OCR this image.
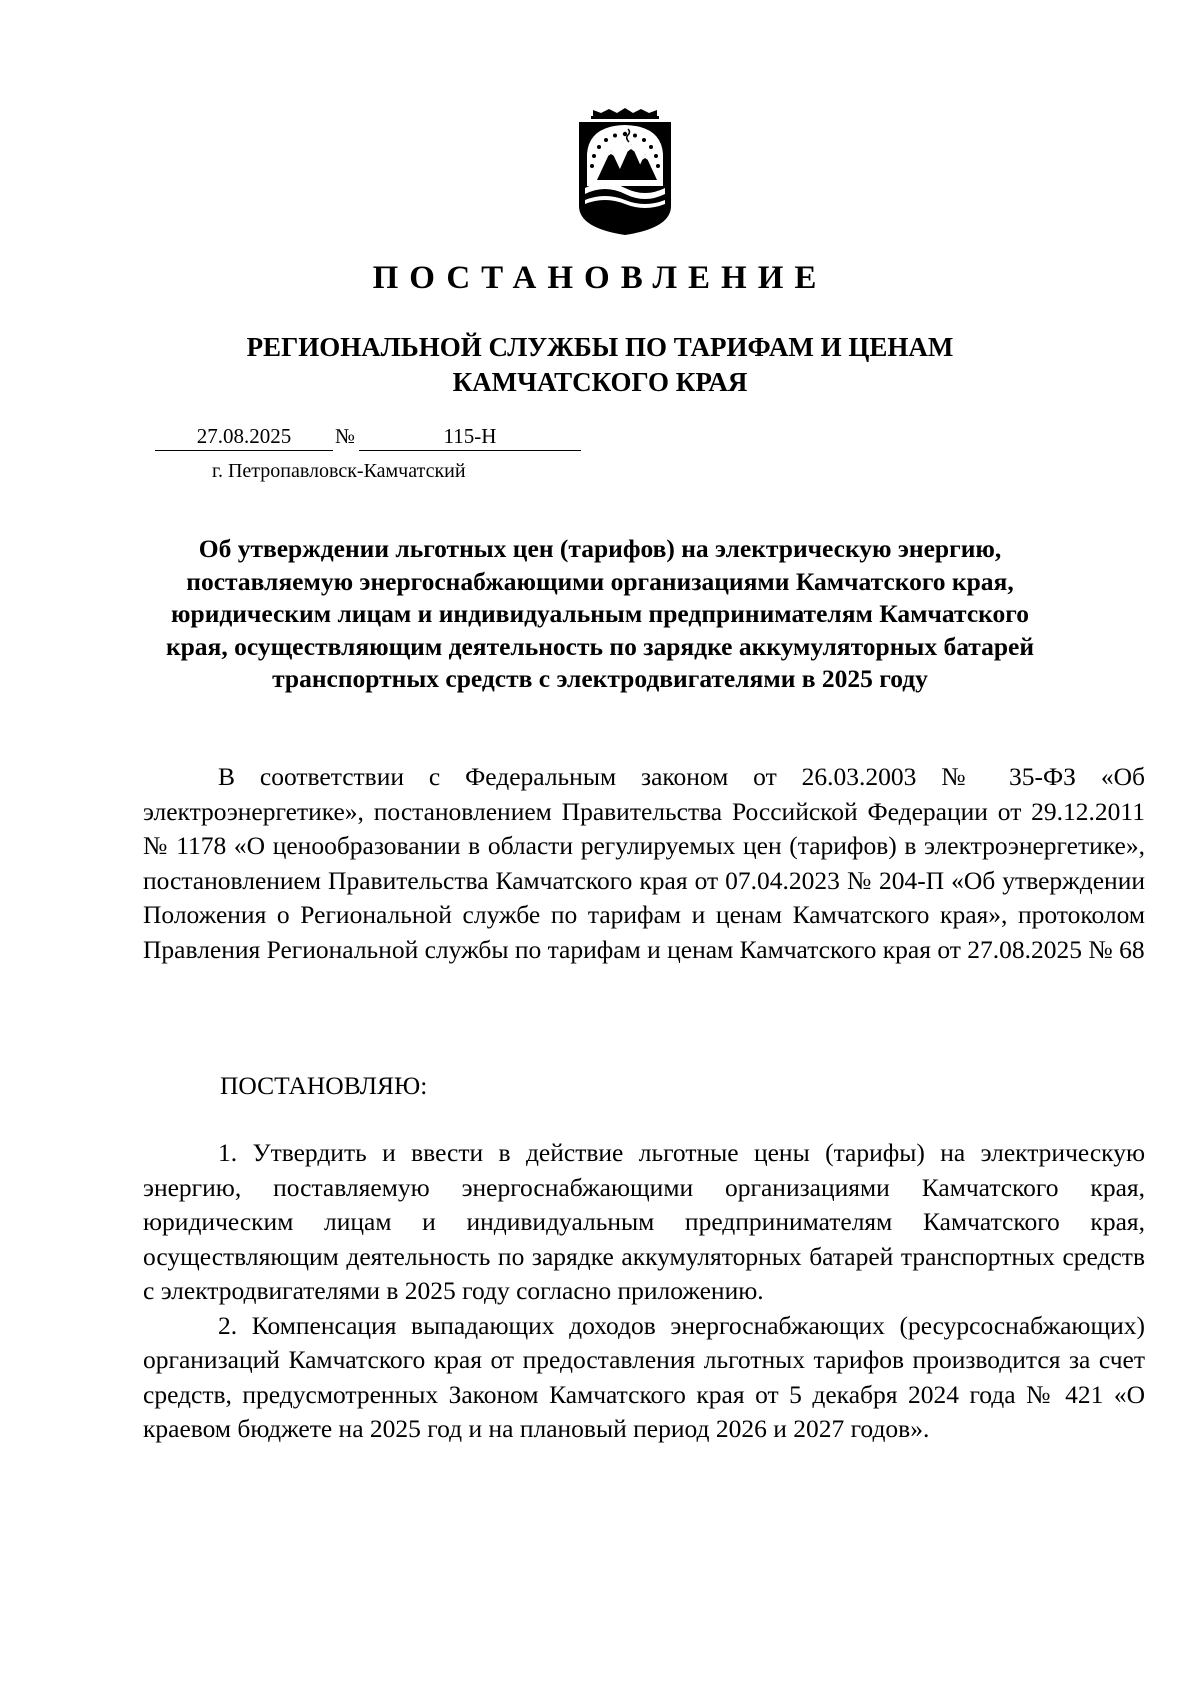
ПОСТАНОВЛЕНИЕ
РЕГИОНАЛЬНОЙ СЛУЖБЫ ПО ТАРИФАМ И ЦЕНАМ
КАМЧАТСКОГО КРАЯ
27.08.2025	№	115-Н
г. Петропавловск-Камчатский
Об утверждении льготных цен (тарифов) на электрическую энергию,
поставляемую энергоснабжающими организациями Камчатского края,
юридическим лицам и индивидуальным предпринимателям Камчатского
края, осуществляющим деятельность по зарядке аккумуляторных батарей
транспортных средств с электродвигателями в 2025 году

В соответствии с Федеральным законом от 26.03.2003 № 35-ФЗ «Об электроэнергетике», постановлением Правительства Российской Федерации от 29.12.2011 № 1178 «О ценообразовании в области регулируемых цен (тарифов) в электроэнергетике», постановлением Правительства Камчатского края от 07.04.2023 № 204-П «Об утверждении Положения о Региональной службе по тарифам и ценам Камчатского края», протоколом Правления Региональной службы по тарифам и ценам Камчатского края от 27.08.2025 № 68

ПОСТАНОВЛЯЮ:

1. Утвердить и ввести в действие льготные цены (тарифы) на электрическую энергию, поставляемую энергоснабжающими организациями Камчатского края, юридическим лицам и индивидуальным предпринимателям Камчатского края, осуществляющим деятельность по зарядке аккумуляторных батарей транспортных средств с электродвигателями в 2025 году согласно приложению.

2. Компенсация выпадающих доходов энергоснабжающих (ресурсоснабжающих) организаций Камчатского края от предоставления льготных тарифов производится за счет средств, предусмотренных Законом Камчатского края от 5 декабря 2024 года № 421 «О краевом бюджете на 2025 год и на плановый период 2026 и 2027 годов».
